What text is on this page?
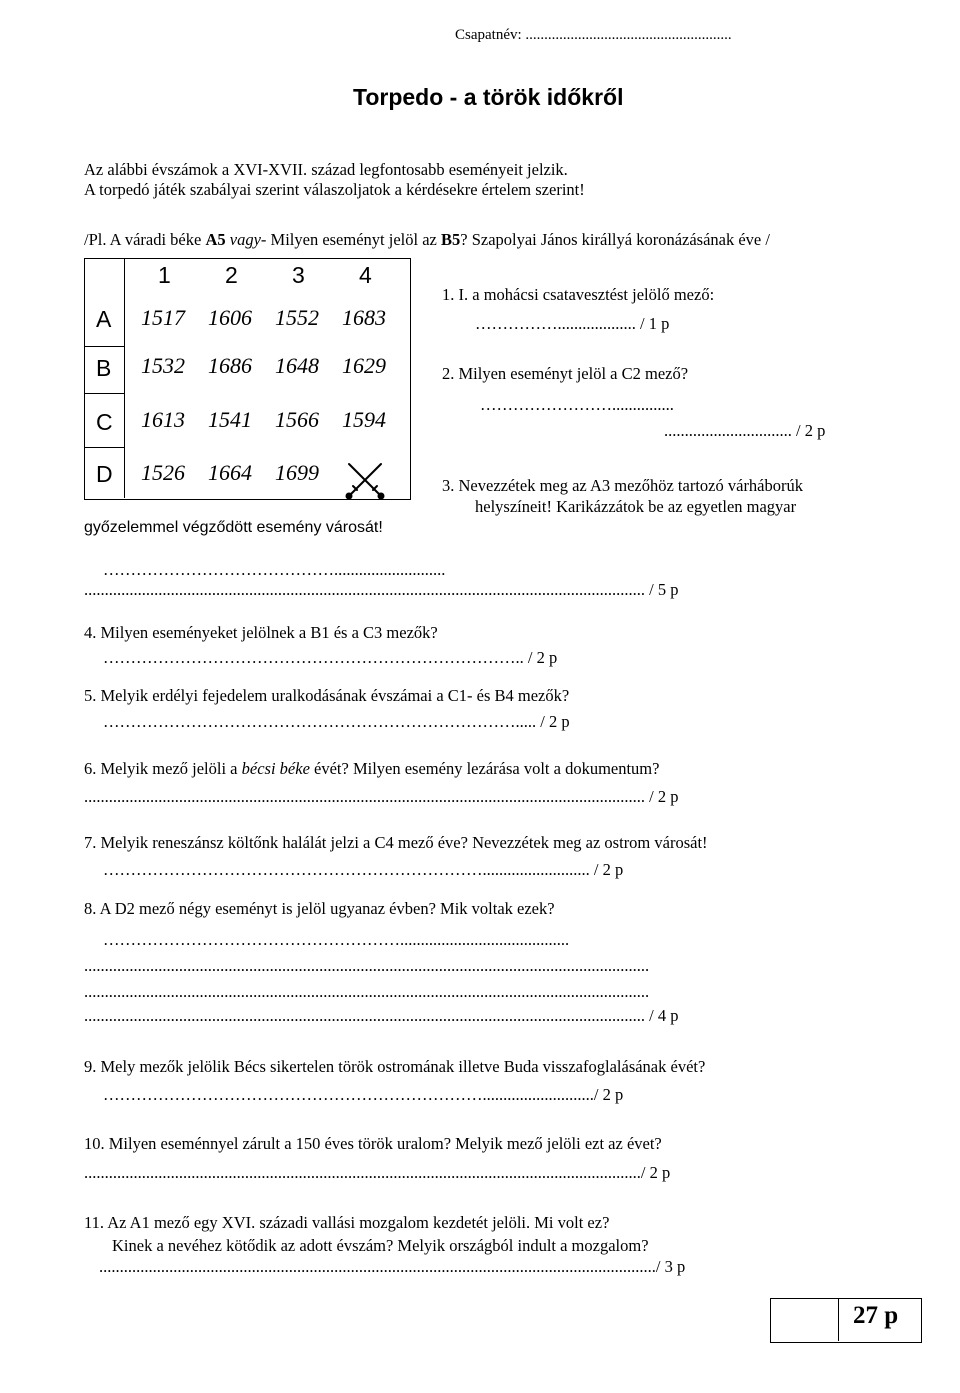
Csapatnév: .......................................................
Torpedo - a török időkről
Az alábbi évszámok a XVI-XVII. század legfontosabb eseményeit jelzik.
A torpedó játék szabályai szerint válaszoljatok a kérdésekre értelem szerint!
/Pl. A váradi béke A5 vagy- Milyen eseményt jelöl az B5? Szapolyai János királlyá koronázásának éve /
1 2 3 4
A 1517 1606 1552 1683
B 1532 1686 1648 1629
C 1613 1541 1566 1594
D 1526 1664 1699
győzelemmel végződött esemény városát!
1. I. a mohácsi csatavesztést jelölő mező:
……………................... / 1 p
2. Milyen eseményt jelöl a C2 mező?
……………………...............
............................... / 2 p
3. Nevezzétek meg az A3 mezőhöz tartozó várháborúk
helyszíneit! Karikázzátok be az egyetlen magyar
……………………………………...........................
........................................................................................................................................ / 5 p
4. Milyen eseményeket jelölnek a B1 és a C3 mezők?
………………………………………………………………….. / 2 p
5. Melyik erdélyi fejedelem uralkodásának évszámai a C1- és B4 mezők?
…………………………………………………………………..... / 2 p
6. Melyik mező jelöli a bécsi béke évét? Milyen esemény lezárása volt a dokumentum?
........................................................................................................................................ / 2 p
7. Melyik reneszánsz költőnk halálát jelzi a C4 mező éve? Nevezzétek meg az ostrom városát!
…………………………………………………………….......................... / 2 p
8. A D2 mező négy eseményt is jelöl ugyanaz évben? Mik voltak ezek?
……………………………………………….........................................
.........................................................................................................................................
.........................................................................................................................................
........................................................................................................................................ / 4 p
9. Mely mezők jelölik Bécs sikertelen török ostromának illetve Buda visszafoglalásának évét?
…………………………………………………………….........................../ 2 p
10. Milyen eseménnyel zárult a 150 éves török uralom? Melyik mező jelöli ezt az évet?
......................................................................................................................................./ 2 p
11. Az A1 mező egy XVI. századi vallási mozgalom kezdetét jelöli. Mi volt ez?
Kinek a nevéhez kötődik az adott évszám? Melyik országból indult a mozgalom?
......................................................................................................................................./ 3 p
27 p
